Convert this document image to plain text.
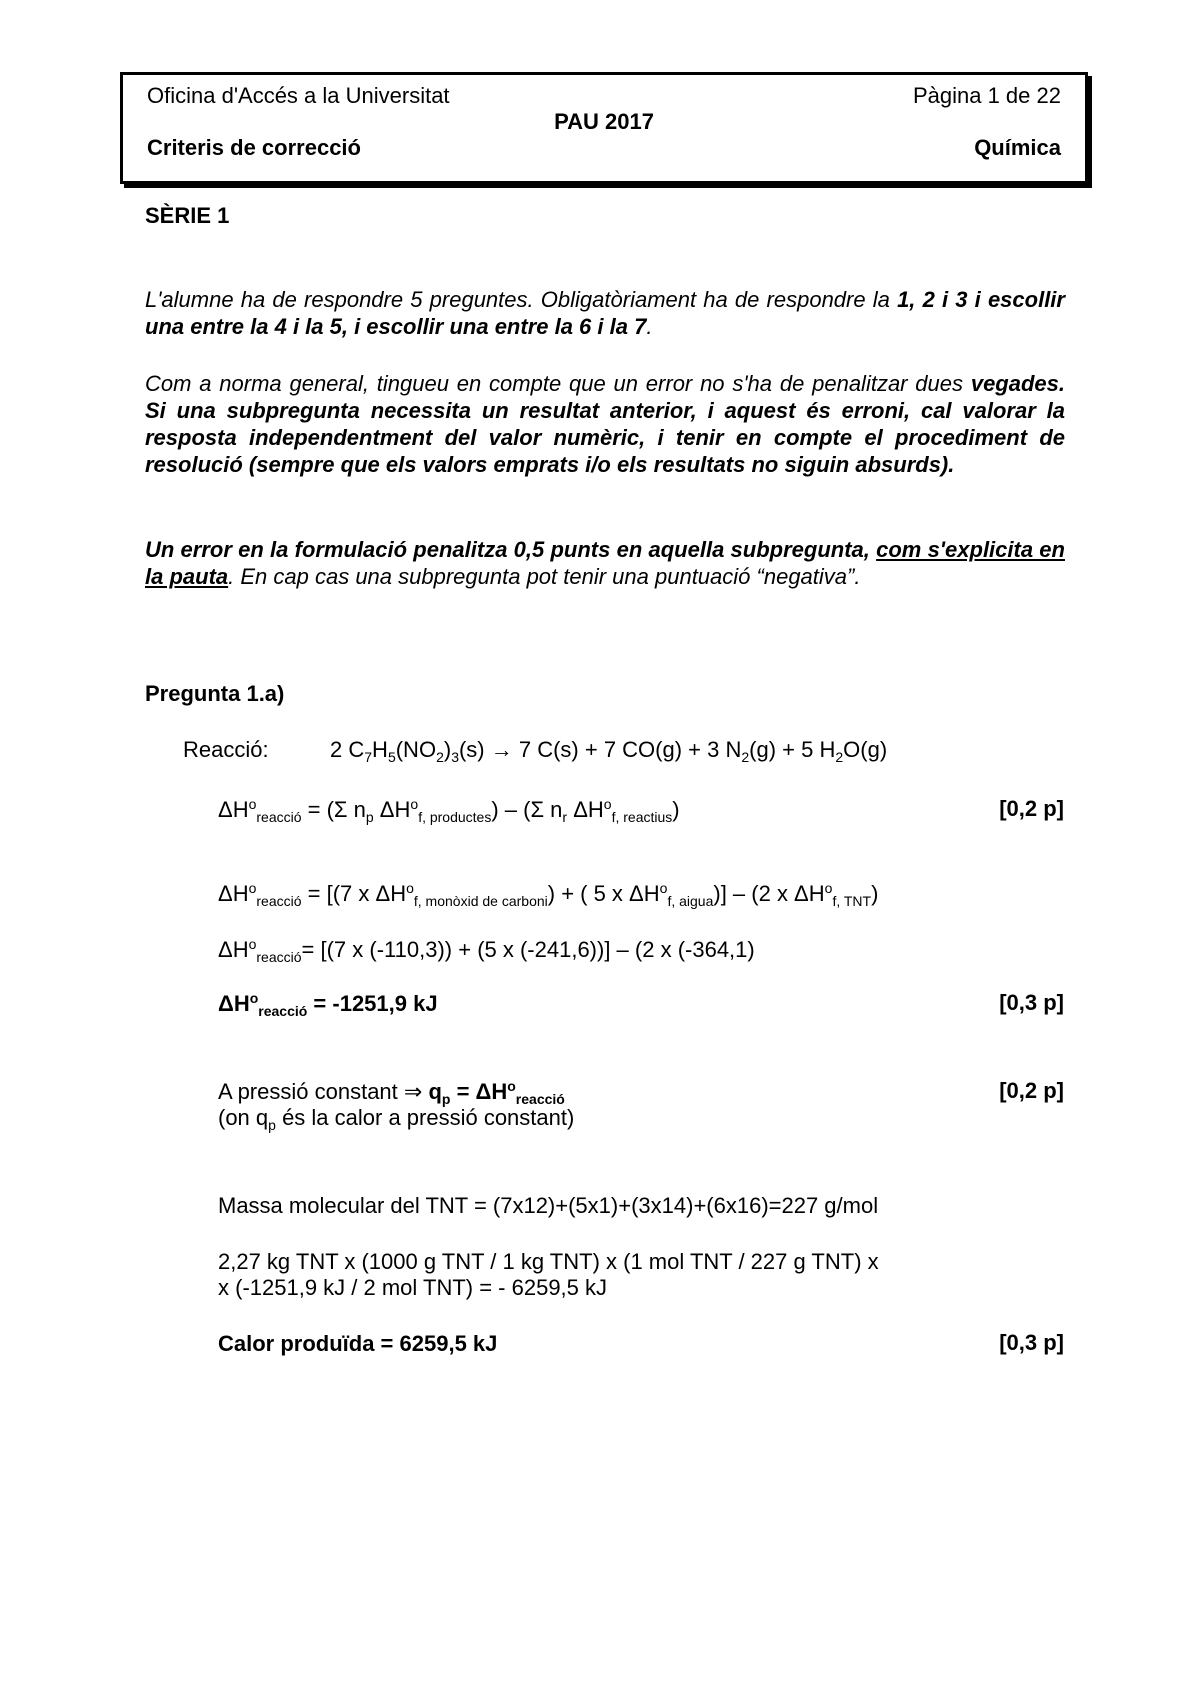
Oficina d'Accés a la Universitat	Pàgina 1 de 22
PAU 2017
Criteris de correcció	Química
SÈRIE 1
L'alumne ha de respondre 5 preguntes. Obligatòriament ha de respondre la 1, 2 i 3 i escollir una entre la 4 i la 5, i escollir una entre la 6 i la 7.
Com a norma general, tingueu en compte que un error no s'ha de penalitzar dues vegades. Si una subpregunta necessita un resultat anterior, i aquest és erroni, cal valorar la resposta independentment del valor numèric, i tenir en compte el procediment de resolució (sempre que els valors emprats i/o els resultats no siguin absurds).
Un error en la formulació penalitza 0,5 punts en aquella subpregunta, com s'explicita en la pauta. En cap cas una subpregunta pot tenir una puntuació “negativa”.
Pregunta 1.a)
Reacció:	2 $C_7H_5(NO_2)_3(s) \to 7$ C(s) + 7 CO(g) + 3 $N_2(g) + 5$ $H_2O(g)$
$\Delta H^o_{reacció} = (\Sigma$ $n_p$ $\Delta H^o_{f, productes}) - (\Sigma$ $n_r$ $\Delta H^o_{f, reactius}$)	[0,2 p]
$\Delta H^o_{reacció} = [(7$ x $\Delta H^o_{f, monòxid de carboni}$) + ( 5 x $\Delta H^o_{f, aigua})] - (2$ x $\Delta H^o_{f, TNT}$)
$\Delta H^o_{reacció}= [(7$ x (-110,3)) + (5 x (-241,6))] – (2 x (-364,1)
$\Delta H^o_{reacció} = -1251,9$ kJ	[0,3 p]
A pressió constant ⇒ $q_p = \Delta H^o_{reacció}$	[0,2 p]
(on $q_p$ és la calor a pressió constant)
Massa molecular del TNT = (7x12)+(5x1)+(3x14)+(6x16)=227 g/mol
2,27 kg TNT x (1000 g TNT / 1 kg TNT) x (1 mol TNT / 227 g TNT) x
x (-1251,9 kJ / 2 mol TNT) = - 6259,5 kJ
Calor produïda = 6259,5 kJ	[0,3 p]
